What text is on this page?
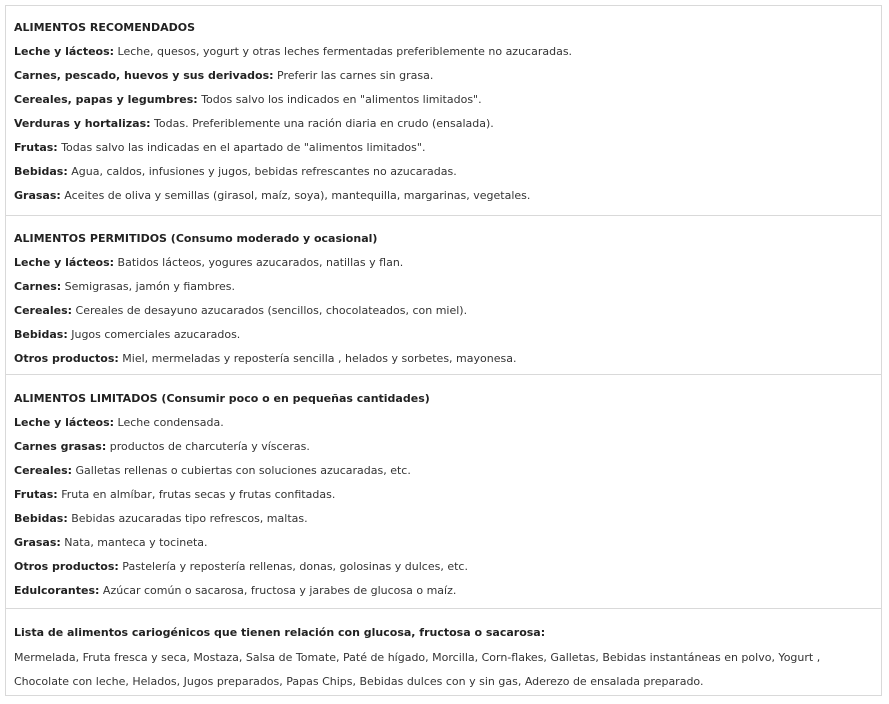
ALIMENTOS RECOMENDADOS
Leche y lácteos: Leche, quesos, yogurt y otras leches fermentadas preferiblemente no azucaradas.
Carnes, pescado, huevos y sus derivados: Preferir las carnes sin grasa.
Cereales, papas y legumbres: Todos salvo los indicados en "alimentos limitados".
Verduras y hortalizas: Todas. Preferiblemente una ración diaria en crudo (ensalada).
Frutas: Todas salvo las indicadas en el apartado de "alimentos limitados".
Bebidas: Agua, caldos, infusiones y jugos, bebidas refrescantes no azucaradas.
Grasas: Aceites de oliva y semillas (girasol, maíz, soya), mantequilla, margarinas, vegetales.
ALIMENTOS PERMITIDOS (Consumo moderado y ocasional)
Leche y lácteos: Batidos lácteos, yogures azucarados, natillas y flan.
Carnes: Semigrasas, jamón y fiambres.
Cereales: Cereales de desayuno azucarados (sencillos, chocolateados, con miel).
Bebidas: Jugos comerciales azucarados.
Otros productos: Miel, mermeladas y repostería sencilla , helados y sorbetes, mayonesa.
ALIMENTOS LIMITADOS (Consumir poco o en pequeñas cantidades)
Leche y lácteos: Leche condensada.
Carnes grasas: productos de charcutería y vísceras.
Cereales: Galletas rellenas o cubiertas con soluciones azucaradas, etc.
Frutas: Fruta en almíbar, frutas secas y frutas confitadas.
Bebidas: Bebidas azucaradas tipo refrescos, maltas.
Grasas: Nata, manteca y tocineta.
Otros productos: Pastelería y repostería rellenas, donas, golosinas y dulces, etc.
Edulcorantes: Azúcar común o sacarosa, fructosa y jarabes de glucosa o maíz.
Lista de alimentos cariogénicos que tienen relación con glucosa, fructosa o sacarosa:
Mermelada, Fruta fresca y seca, Mostaza, Salsa de Tomate, Paté de hígado, Morcilla, Corn-flakes, Galletas, Bebidas instantáneas en polvo, Yogurt ,
Chocolate con leche, Helados, Jugos preparados, Papas Chips, Bebidas dulces con y sin gas, Aderezo de ensalada preparado.
